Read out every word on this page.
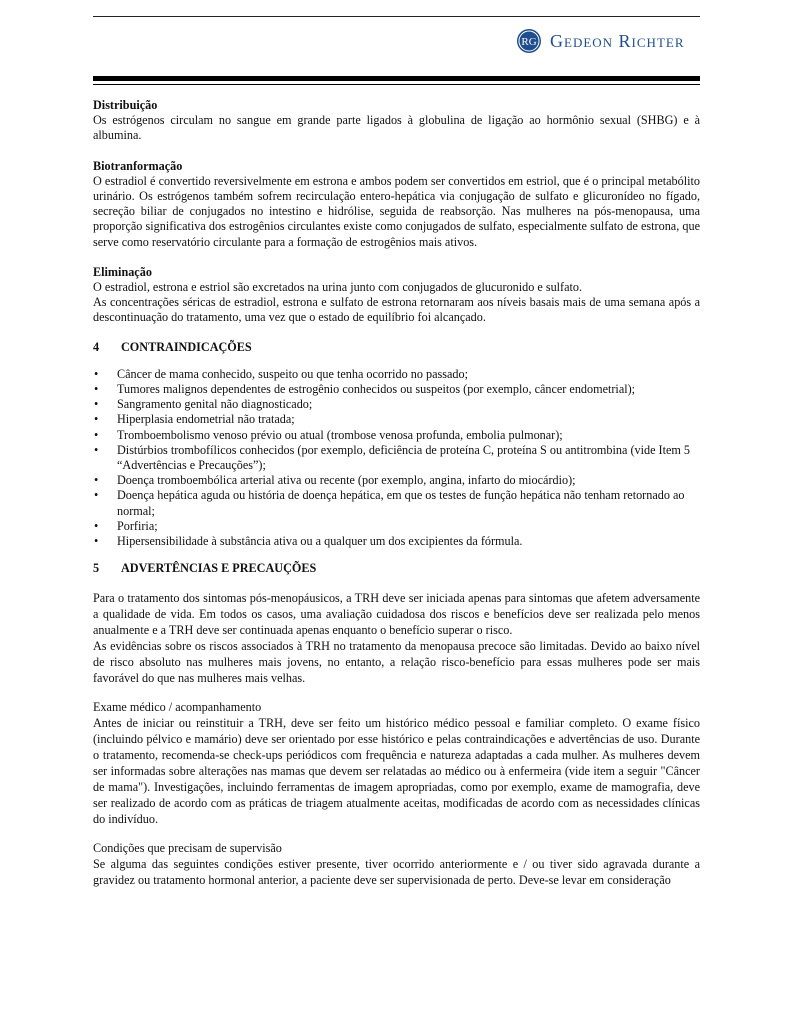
RG Gedeon Richter

Distribuição

Os estrógenos circulam no sangue em grande parte ligados à globulina de ligação ao hormônio sexual (SHBG) e à albumina.

Biotranformação

O estradiol é convertido reversivelmente em estrona e ambos podem ser convertidos em estriol, que é o principal metabólito urinário. Os estrógenos também sofrem recirculação entero-hepática via conjugação de sulfato e glicuronídeo no fígado, secreção biliar de conjugados no intestino e hidrólise, seguida de reabsorção. Nas mulheres na pós-menopausa, uma proporção significativa dos estrogênios circulantes existe como conjugados de sulfato, especialmente sulfato de estrona, que serve como reservatório circulante para a formação de estrogênios mais ativos.

Eliminação

O estradiol, estrona e estriol são excretados na urina junto com conjugados de glucuronido e sulfato.

As concentrações séricas de estradiol, estrona e sulfato de estrona retornaram aos níveis basais mais de uma semana após a descontinuação do tratamento, uma vez que o estado de equilíbrio foi alcançado.

4	CONTRAINDICAÇÕES
• Câncer de mama conhecido, suspeito ou que tenha ocorrido no passado;
• Tumores malignos dependentes de estrogênio conhecidos ou suspeitos (por exemplo, câncer endometrial);
• Sangramento genital não diagnosticado;
• Hiperplasia endometrial não tratada;
• Tromboembolismo venoso prévio ou atual (trombose venosa profunda, embolia pulmonar);
• Distúrbios trombofílicos conhecidos (por exemplo, deficiência de proteína C, proteína S ou antitrombina (vide Item 5 “Advertências e Precauções”);
• Doença tromboembólica arterial ativa ou recente (por exemplo, angina, infarto do miocárdio);
• Doença hepática aguda ou história de doença hepática, em que os testes de função hepática não tenham retornado ao normal;
• Porfiria;
• Hipersensibilidade à substância ativa ou a qualquer um dos excipientes da fórmula.
5	ADVERTÊNCIAS E PRECAUÇÕES

Para o tratamento dos sintomas pós-menopáusicos, a TRH deve ser iniciada apenas para sintomas que afetem adversamente a qualidade de vida. Em todos os casos, uma avaliação cuidadosa dos riscos e benefícios deve ser realizada pelo menos anualmente e a TRH deve ser continuada apenas enquanto o benefício superar o risco.

As evidências sobre os riscos associados à TRH no tratamento da menopausa precoce são limitadas. Devido ao baixo nível de risco absoluto nas mulheres mais jovens, no entanto, a relação risco-benefício para essas mulheres pode ser mais favorável do que nas mulheres mais velhas.

Exame médico / acompanhamento

Antes de iniciar ou reinstituir a TRH, deve ser feito um histórico médico pessoal e familiar completo. O exame físico (incluindo pélvico e mamário) deve ser orientado por esse histórico e pelas contraindicações e advertências de uso. Durante o tratamento, recomenda-se check-ups periódicos com frequência e natureza adaptadas a cada mulher. As mulheres devem ser informadas sobre alterações nas mamas que devem ser relatadas ao médico ou à enfermeira (vide item a seguir "Câncer de mama"). Investigações, incluindo ferramentas de imagem apropriadas, como por exemplo, exame de mamografia, deve ser realizado de acordo com as práticas de triagem atualmente aceitas, modificadas de acordo com as necessidades clínicas do indivíduo.

Condições que precisam de supervisão

Se alguma das seguintes condições estiver presente, tiver ocorrido anteriormente e / ou tiver sido agravada durante a gravidez ou tratamento hormonal anterior, a paciente deve ser supervisionada de perto. Deve-se levar em consideração
